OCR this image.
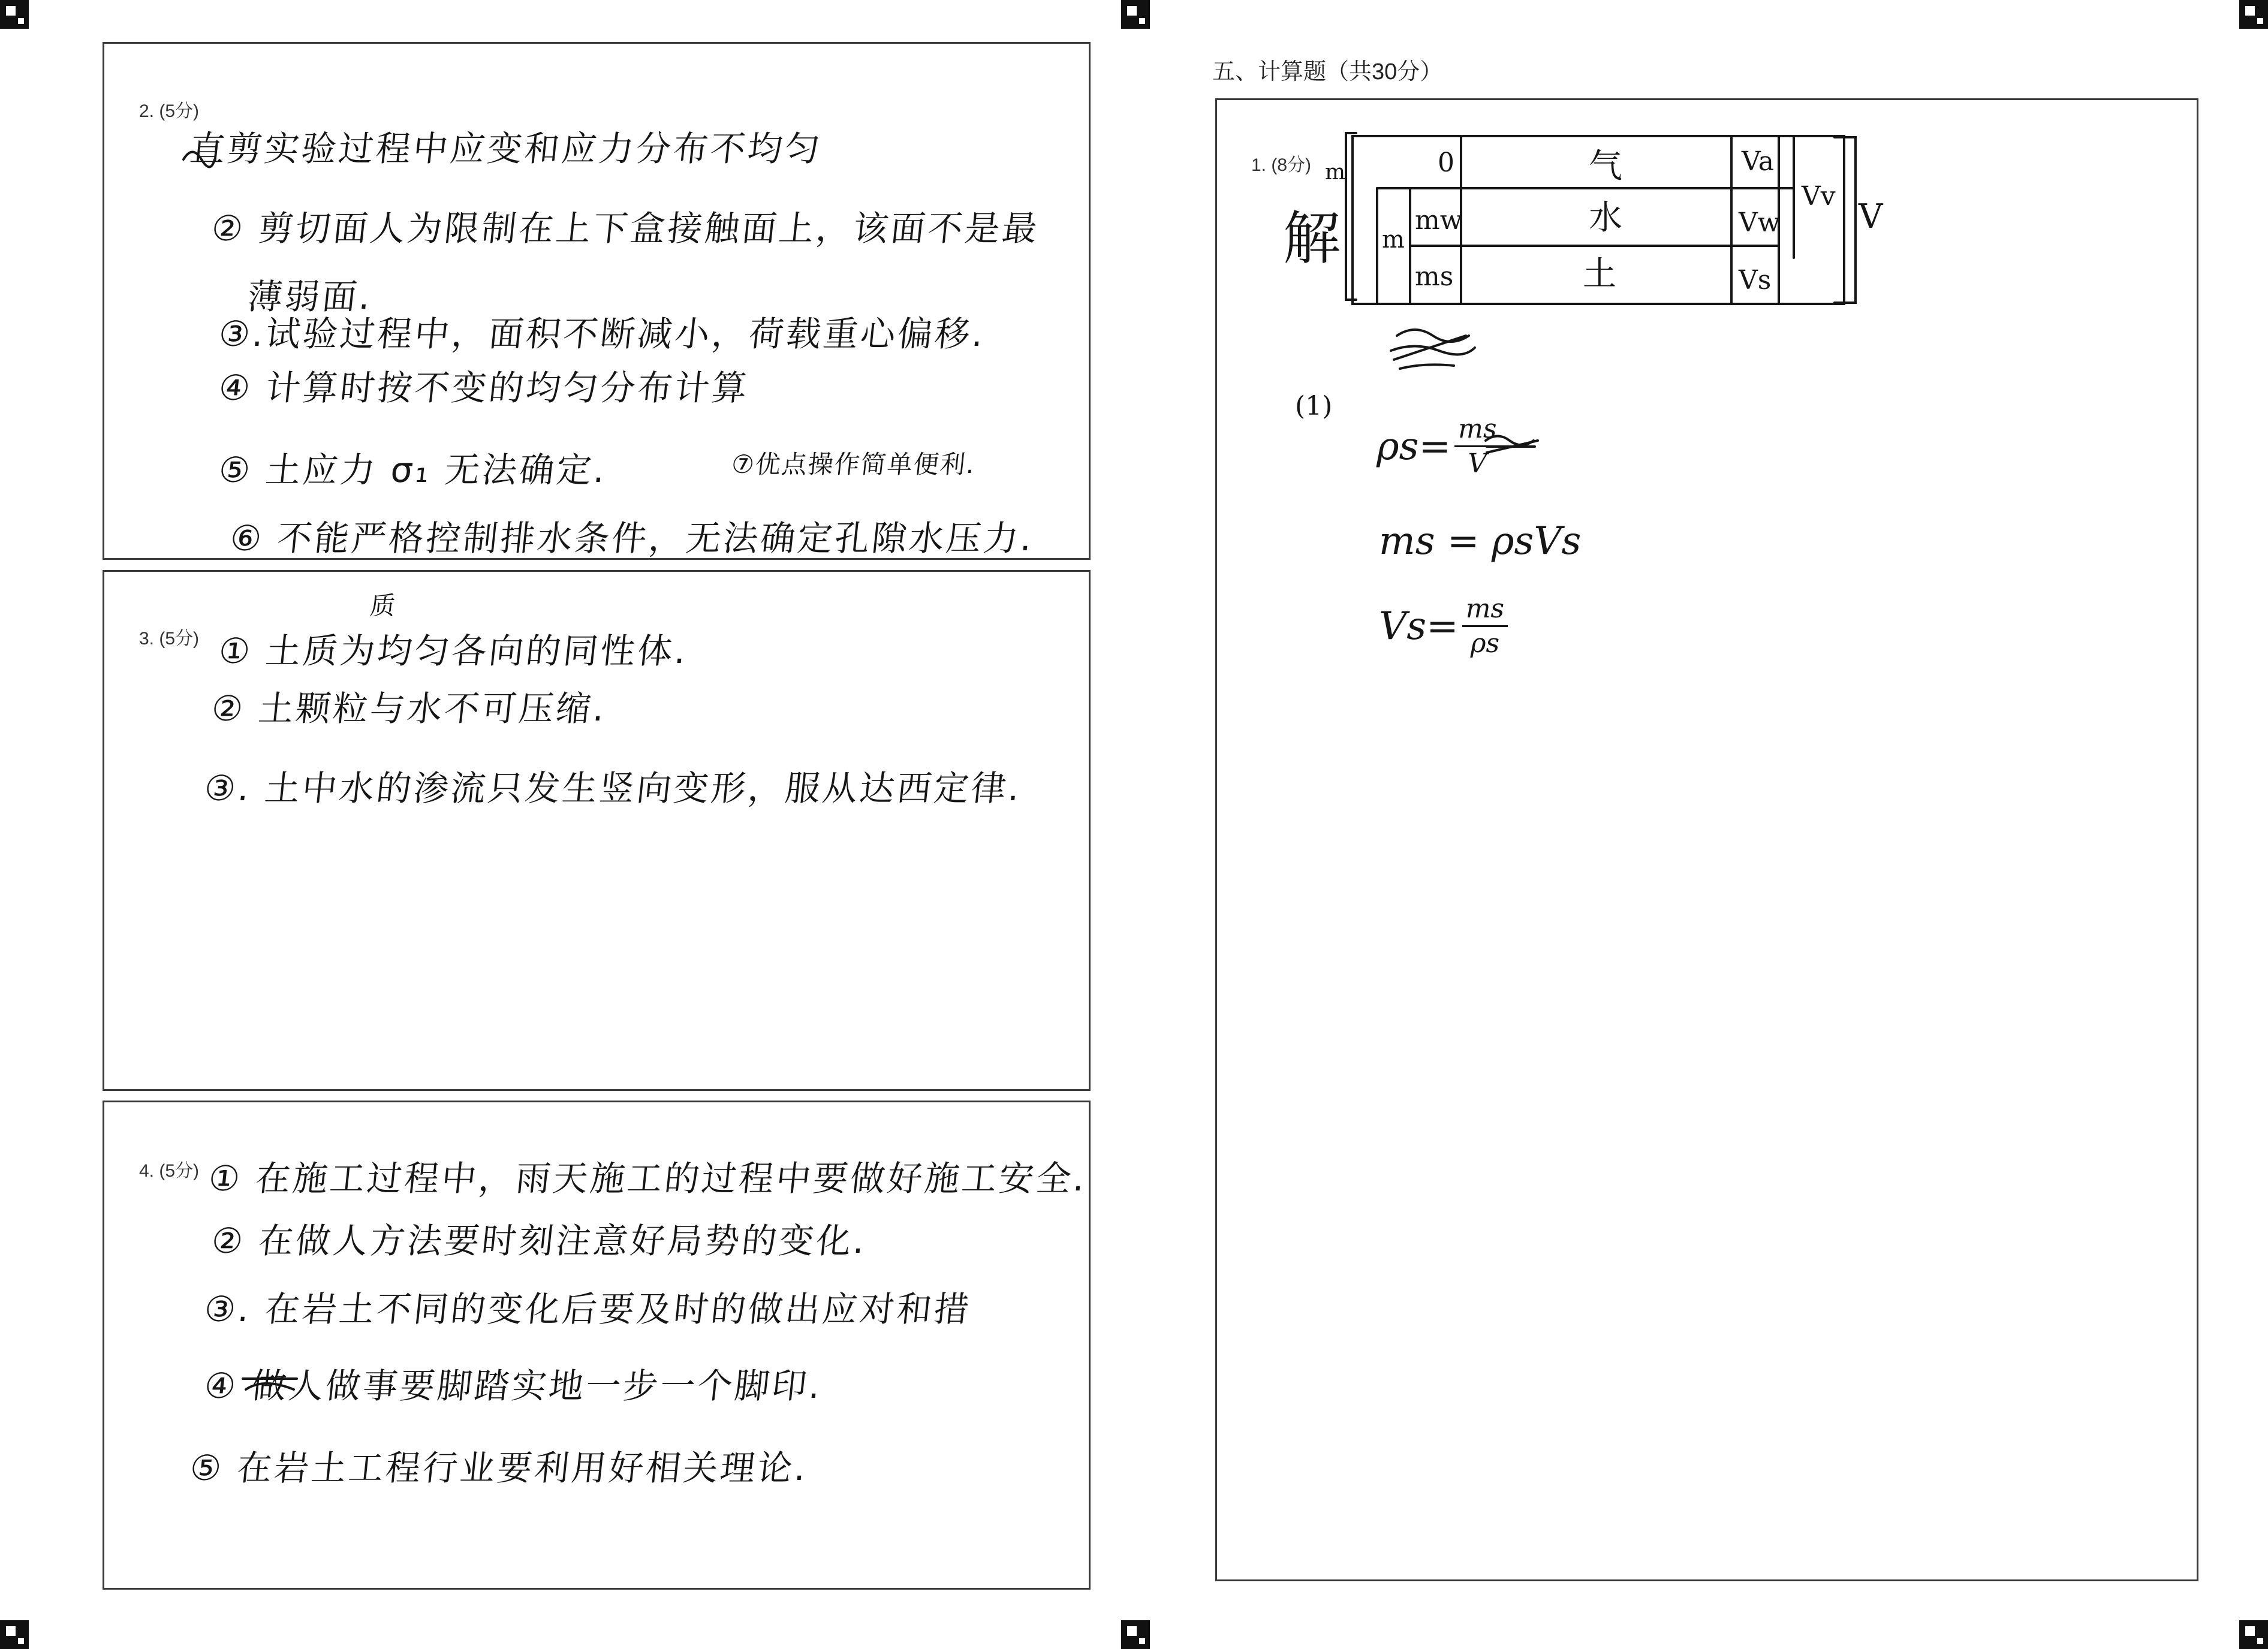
2. (5分)
直剪实验过程中应变和应力分布不均匀
② 剪切面人为限制在上下盒接触面上，该面不是最
薄弱面.
③.试验过程中，面积不断减小，荷载重心偏移.
④ 计算时按不变的均匀分布计算
⑤ 土应力 σ₁ 无法确定.	⑦优点操作简单便利.
⑥ 不能严格控制排水条件，无法确定孔隙水压力.
3. (5分)
质
① 土质为均匀各向的同性体.
② 土颗粒与水不可压缩.
③. 土中水的渗流只发生竖向变形，服从达西定律.
4. (5分) ① 在施工过程中，雨天施工的过程中要做好施工安全.
② 在做人方法要时刻注意好局势的变化.
③. 在岩土不同的变化后要及时的做出应对和措
④ 做人做事要脚踏实地一步一个脚印.
⑤ 在岩土工程行业要利用好相关理论.
五、计算题（共30分）
1. (8分)
解
m
m
0	气	Va
Vv
V
mw	水	Vw
ms	土	Vs
(1)
$\rho s= \frac{ms}{V}$
ms = ρsVs
$Vs= \frac{ms}{\rho s}$
